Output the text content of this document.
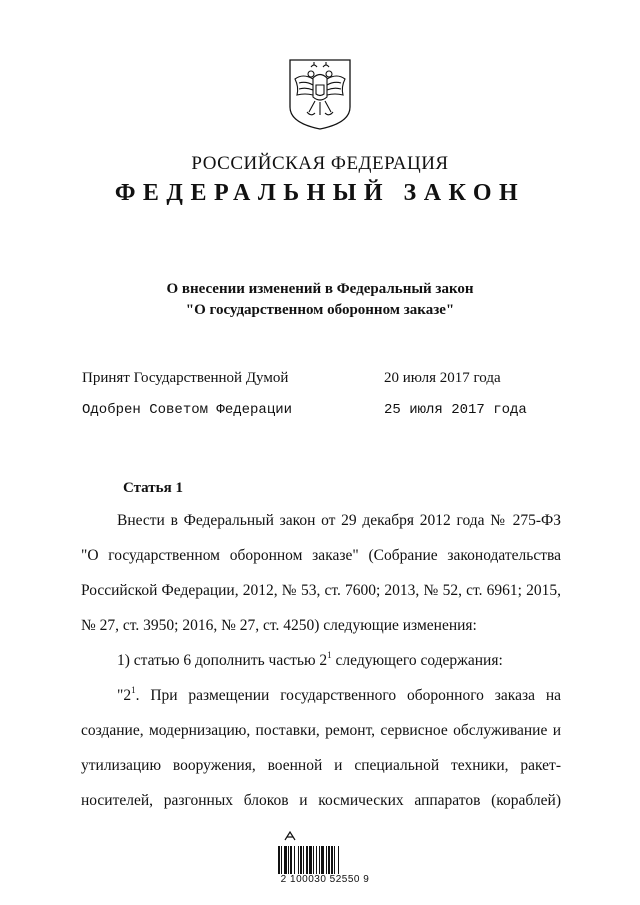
РОССИЙСКАЯ ФЕДЕРАЦИЯ
ФЕДЕРАЛЬНЫЙ ЗАКОН
О внесении изменений в Федеральный закон
"О государственном оборонном заказе"
Принят Государственной Думой	20 июля 2017 года
Одобрен Советом Федерации	25 июля 2017 года
Статья 1
Внести в Федеральный закон от 29 декабря 2012 года № 275-ФЗ
"О государственном оборонном заказе" (Собрание законодательства
Российской Федерации, 2012, № 53, ст. 7600; 2013, № 52, ст. 6961; 2015,
№ 27, ст. 3950; 2016, № 27, ст. 4250) следующие изменения:
1) статью 6 дополнить частью $2^1$ следующего содержания:
"$2^1$. При размещении государственного оборонного заказа на
создание, модернизацию, поставки, ремонт, сервисное обслуживание и
утилизацию вооружения, военной и специальной техники, ракет-
носителей, разгонных блоков и космических аппаратов (кораблей)
2 100030 52550 9
